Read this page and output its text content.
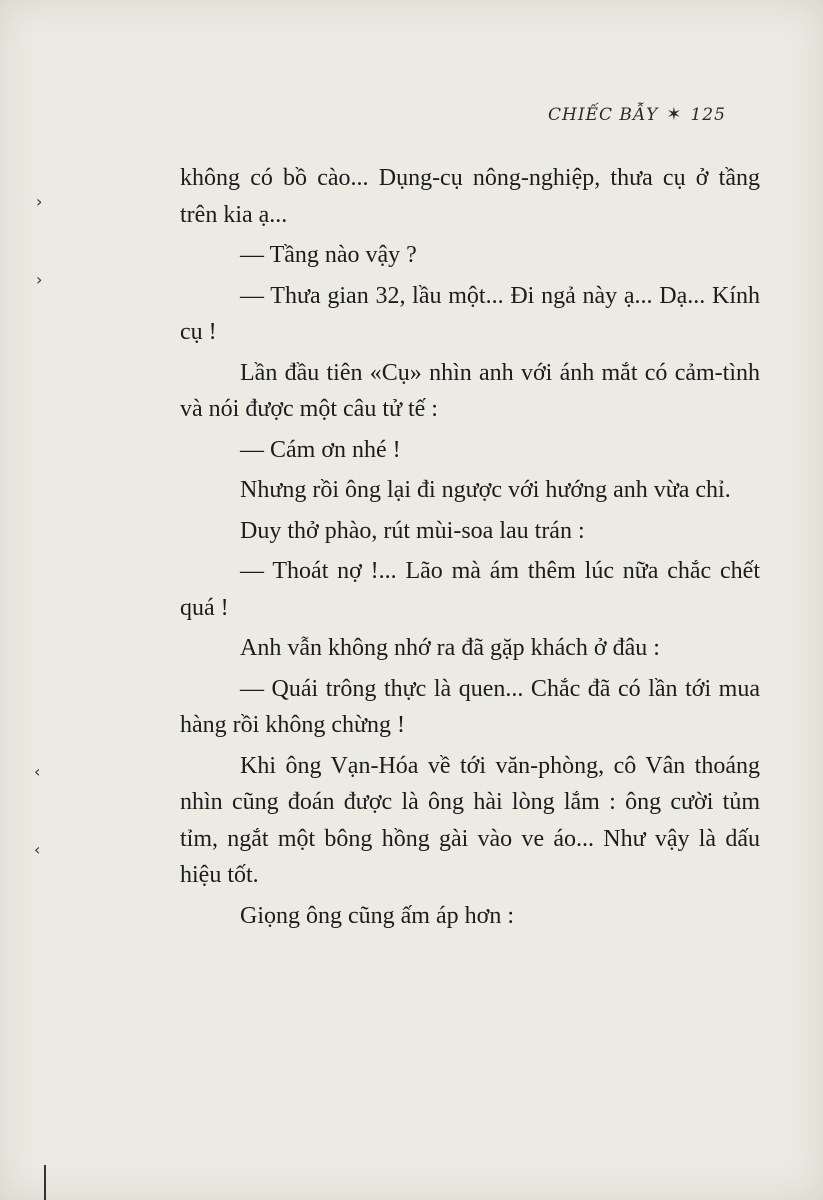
CHIẾC BẪY ✶ 125
›
›
‹
‹

không có bồ cào... Dụng-cụ nông-nghiệp, thưa cụ ở tầng trên kia ạ...

— Tầng nào vậy ?

— Thưa gian 32, lầu một... Đi ngả này ạ... Dạ... Kính cụ !

Lần đầu tiên «Cụ» nhìn anh với ánh mắt có cảm-tình và nói được một câu tử tế :

— Cám ơn nhé !

Nhưng rồi ông lại đi ngược với hướng anh vừa chỉ.

Duy thở phào, rút mùi-soa lau trán :

— Thoát nợ !... Lão mà ám thêm lúc nữa chắc chết quá !

Anh vẫn không nhớ ra đã gặp khách ở đâu :

— Quái trông thực là quen... Chắc đã có lần tới mua hàng rồi không chừng !

Khi ông Vạn-Hóa về tới văn-phòng, cô Vân thoáng nhìn cũng đoán được là ông hài lòng lắm : ông cười tủm tỉm, ngắt một bông hồng gài vào ve áo... Như vậy là dấu hiệu tốt.

Giọng ông cũng ấm áp hơn :
